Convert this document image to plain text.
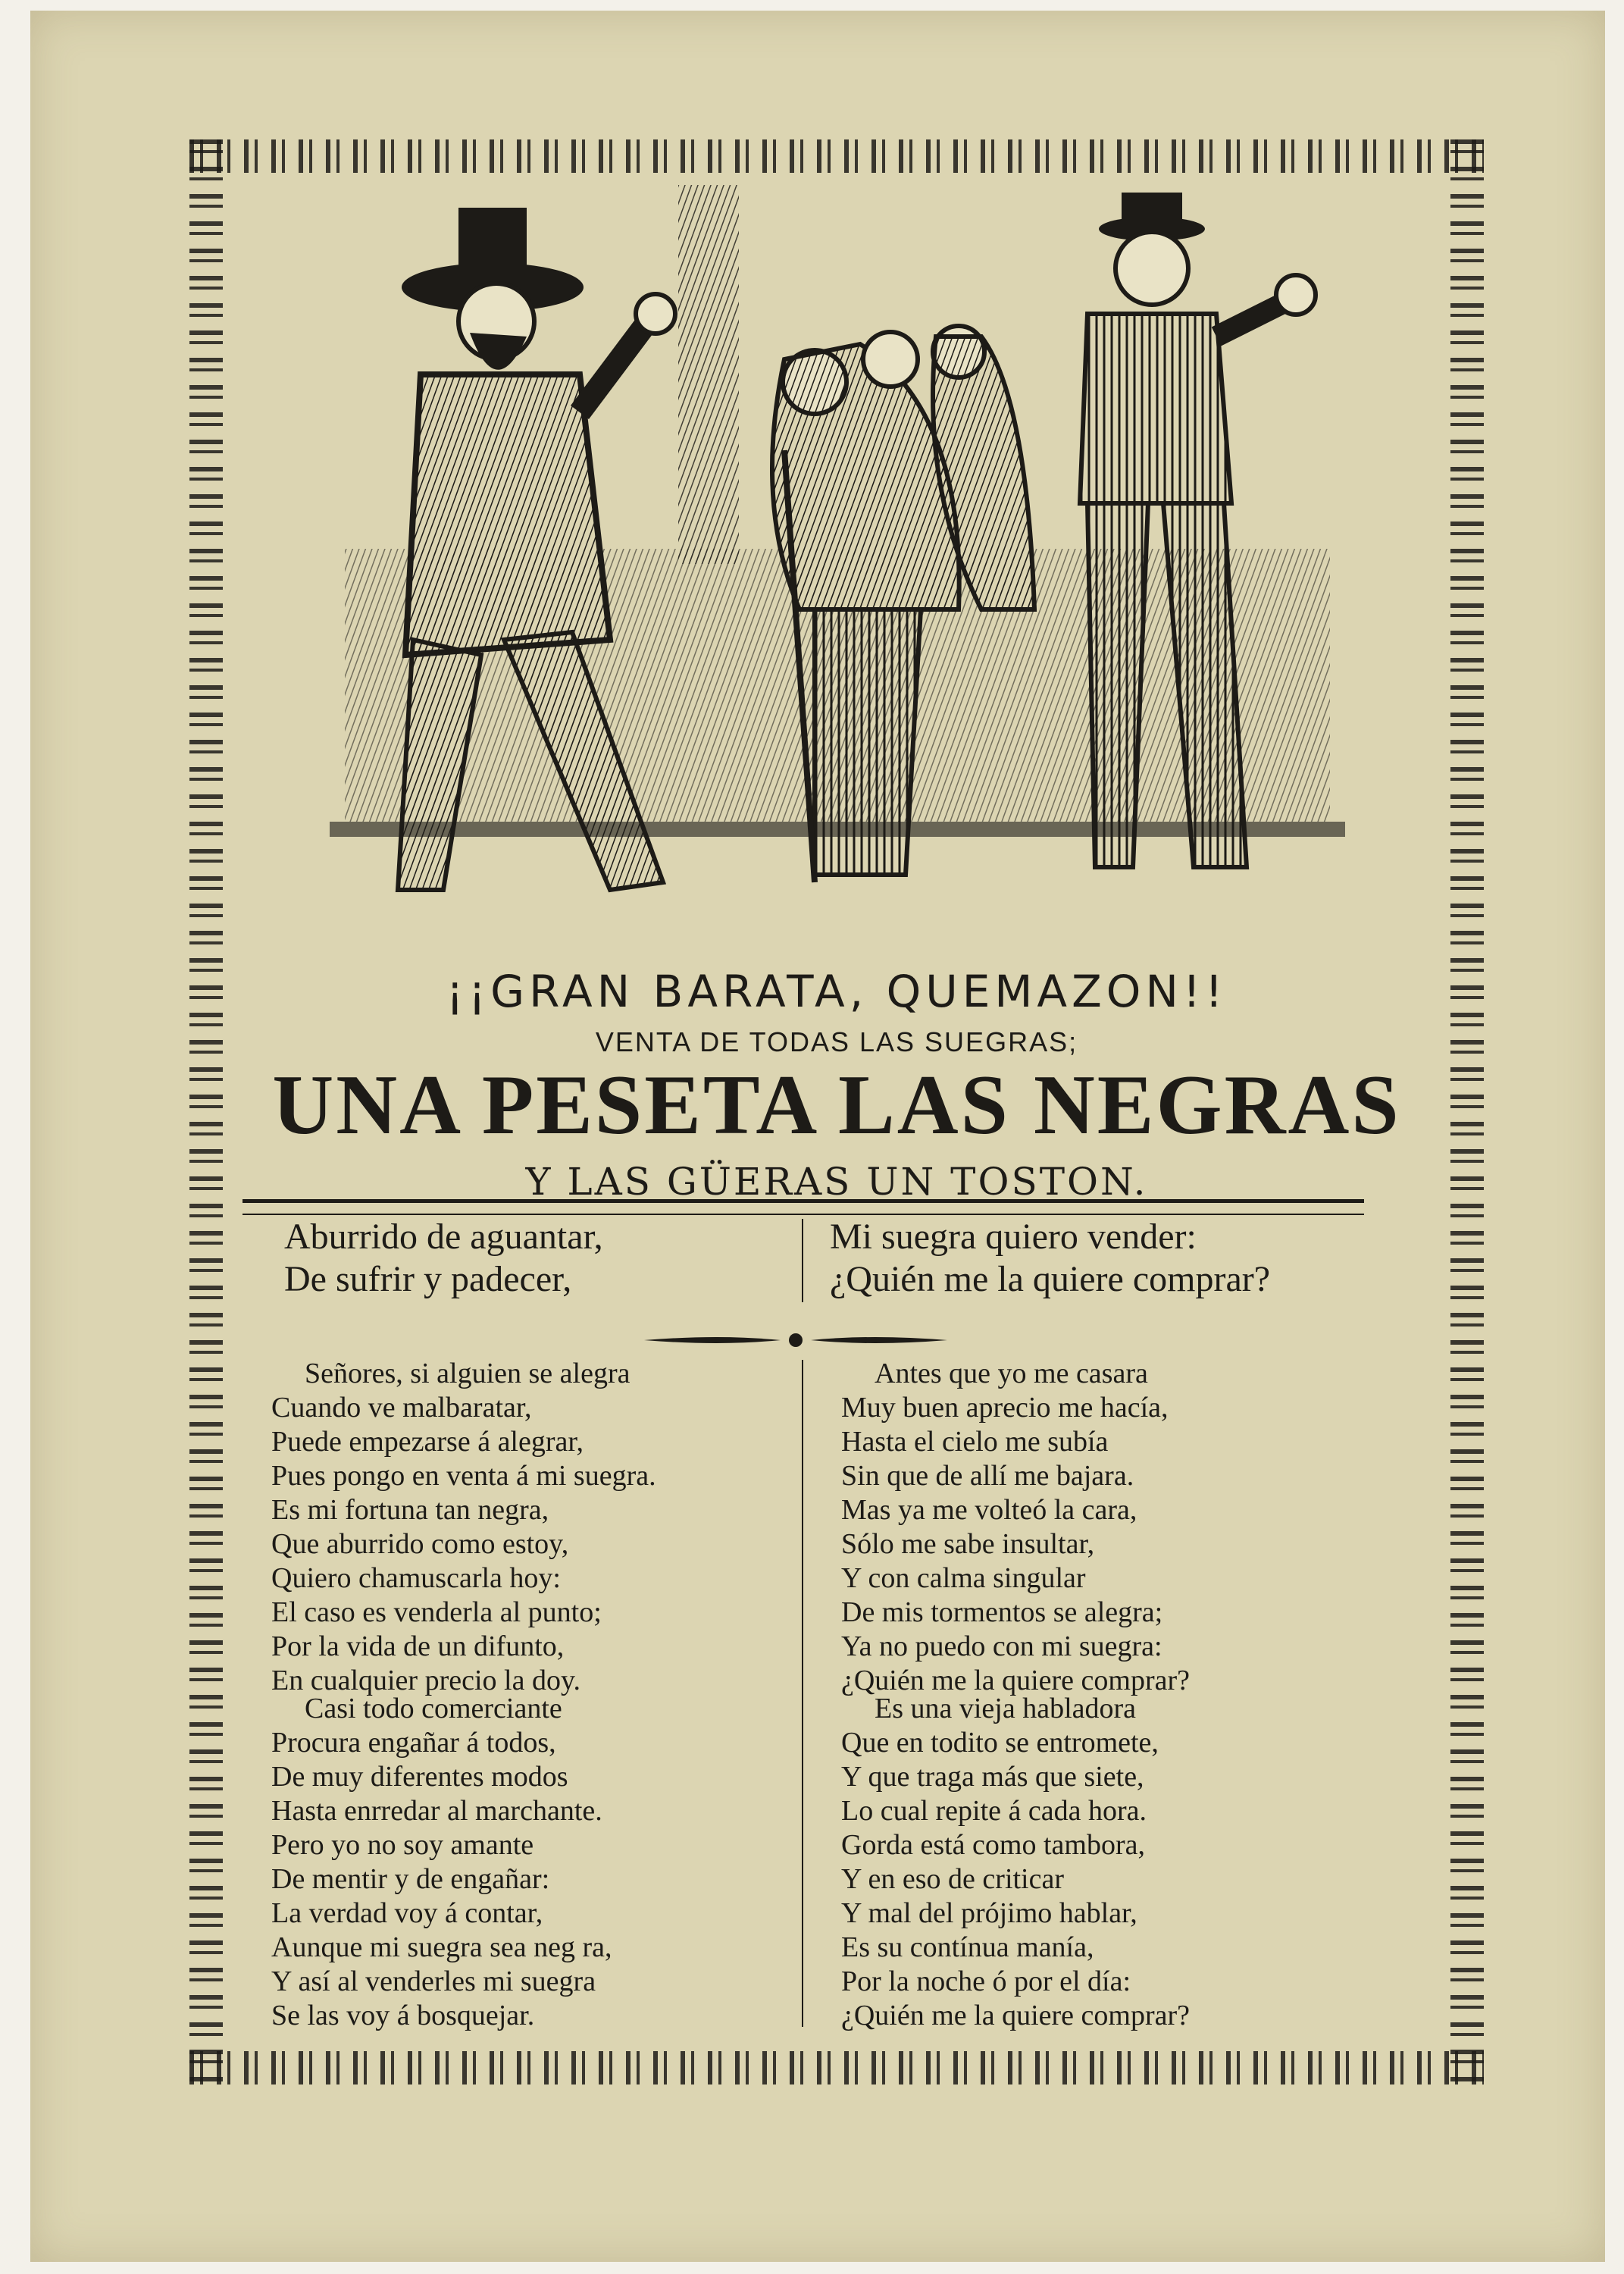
¡¡GRAN BARATA, QUEMAZON!!
VENTA DE TODAS LAS SUEGRAS;
UNA PESETA LAS NEGRAS
Y LAS GÜERAS UN TOSTON.
Aburrido de aguantar,
De sufrir y padecer,
Mi suegra quiero vender:
¿Quién me la quiere comprar?
Señores, si alguien se alegra
Cuando ve malbaratar,
Puede empezarse á alegrar,
Pues pongo en venta á mi suegra.
Es mi fortuna tan negra,
Que aburrido como estoy,
Quiero chamuscarla hoy:
El caso es venderla al punto;
Por la vida de un difunto,
En cualquier precio la doy.
Casi todo comerciante
Procura engañar á todos,
De muy diferentes modos
Hasta enrredar al marchante.
Pero yo no soy amante
De mentir y de engañar:
La verdad voy á contar,
Aunque mi suegra sea neg ra,
Y así al venderles mi suegra
Se las voy á bosquejar.
Antes que yo me casara
Muy buen aprecio me hacía,
Hasta el cielo me subía
Sin que de allí me bajara.
Mas ya me volteó la cara,
Sólo me sabe insultar,
Y con calma singular
De mis tormentos se alegra;
Ya no puedo con mi suegra:
¿Quién me la quiere comprar?
Es una vieja habladora
Que en todito se entromete,
Y que traga más que siete,
Lo cual repite á cada hora.
Gorda está como tambora,
Y en eso de criticar
Y mal del prójimo hablar,
Es su contínua manía,
Por la noche ó por el día:
¿Quién me la quiere comprar?
